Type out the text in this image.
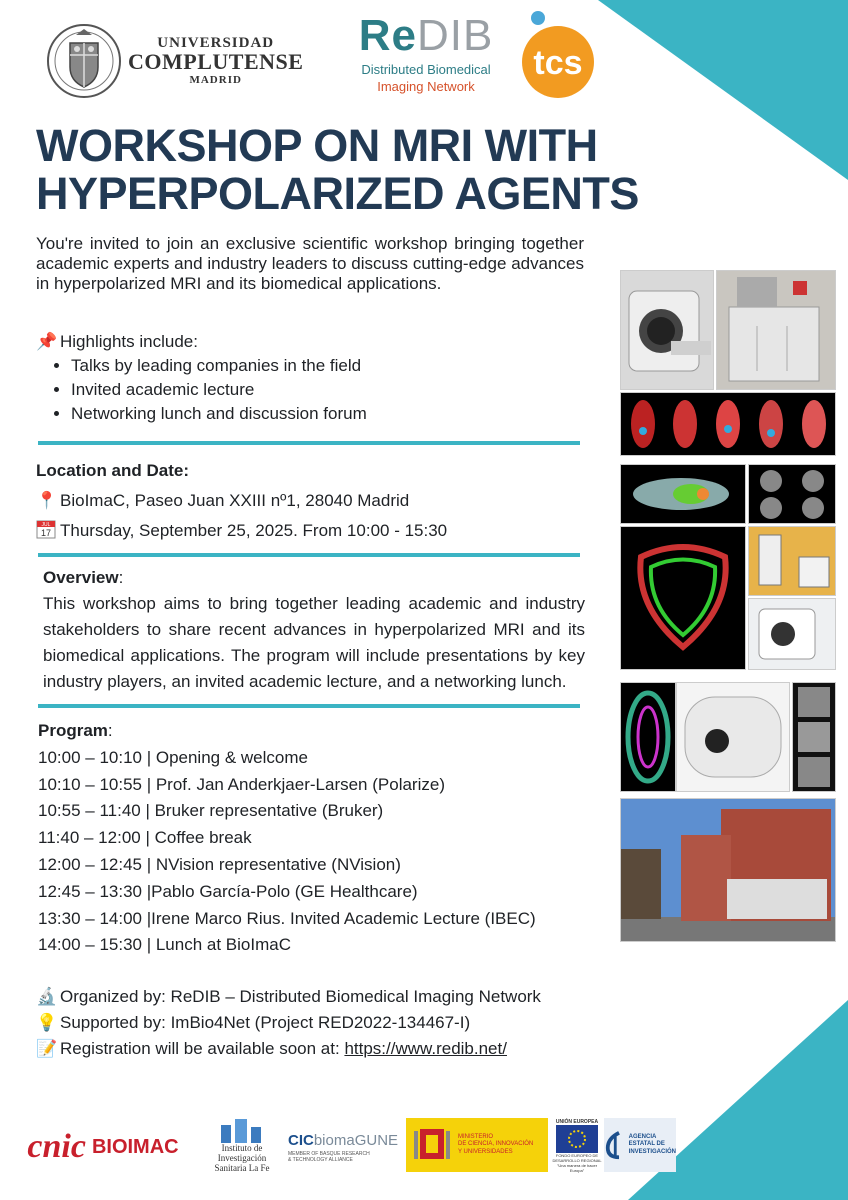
UNIVERSIDAD
COMPLUTENSE
MADRID
ReDIB
Distributed Biomedical
Imaging Network
tcs
WORKSHOP ON MRI WITH
HYPERPOLARIZED AGENTS

You're invited to join an exclusive scientific workshop bringing together academic experts and industry leaders to discuss cutting-edge advances in hyperpolarized MRI and its biomedical applications.

📌 Highlights include:
• Talks by leading companies in the field
• Invited academic lecture
• Networking lunch and discussion forum
Location and Date:
📍 BioImaC, Paseo Juan XXIII nº1, 28040 Madrid
JUL
17 Thursday, September 25, 2025. From 10:00 - 15:30
Overview:

This workshop aims to bring together leading academic and industry stakeholders to share recent advances in hyperpolarized MRI and its biomedical applications. The program will include presentations by key industry players, an invited academic lecture, and a networking lunch.

Program:
10:00 – 10:10 | Opening & welcome
10:10 – 10:55 | Prof. Jan Anderkjaer-Larsen (Polarize)
10:55 – 11:40 | Bruker representative (Bruker)
11:40 – 12:00 | Coffee break
12:00 – 12:45 | NVision representative (NVision)
12:45 – 13:30 |Pablo García-Polo (GE Healthcare)
13:30 – 14:00 |Irene Marco Rius. Invited Academic Lecture (IBEC)
14:00 – 15:30 | Lunch at BioImaC
🔬 Organized by: ReDIB – Distributed Biomedical Imaging Network
💡 Supported by: ImBio4Net (Project RED2022-134467-I)
📝 Registration will be available soon at: https://www.redib.net/
cnic BIOIMAC	Instituto de Investigación
Sanitaria La Fe
CICbiomaGUNE
MEMBER OF BASQUE RESEARCH
& TECHNOLOGY ALLIANCE
MINISTERIO
DE CIENCIA, INNOVACIÓN
Y UNIVERSIDADES
UNIÓN EUROPEA
FONDO EUROPEO DE
DESARROLLO REGIONAL
"Una manera de hacer Europa"
AGENCIA
ESTATAL DE
INVESTIGACIÓN
